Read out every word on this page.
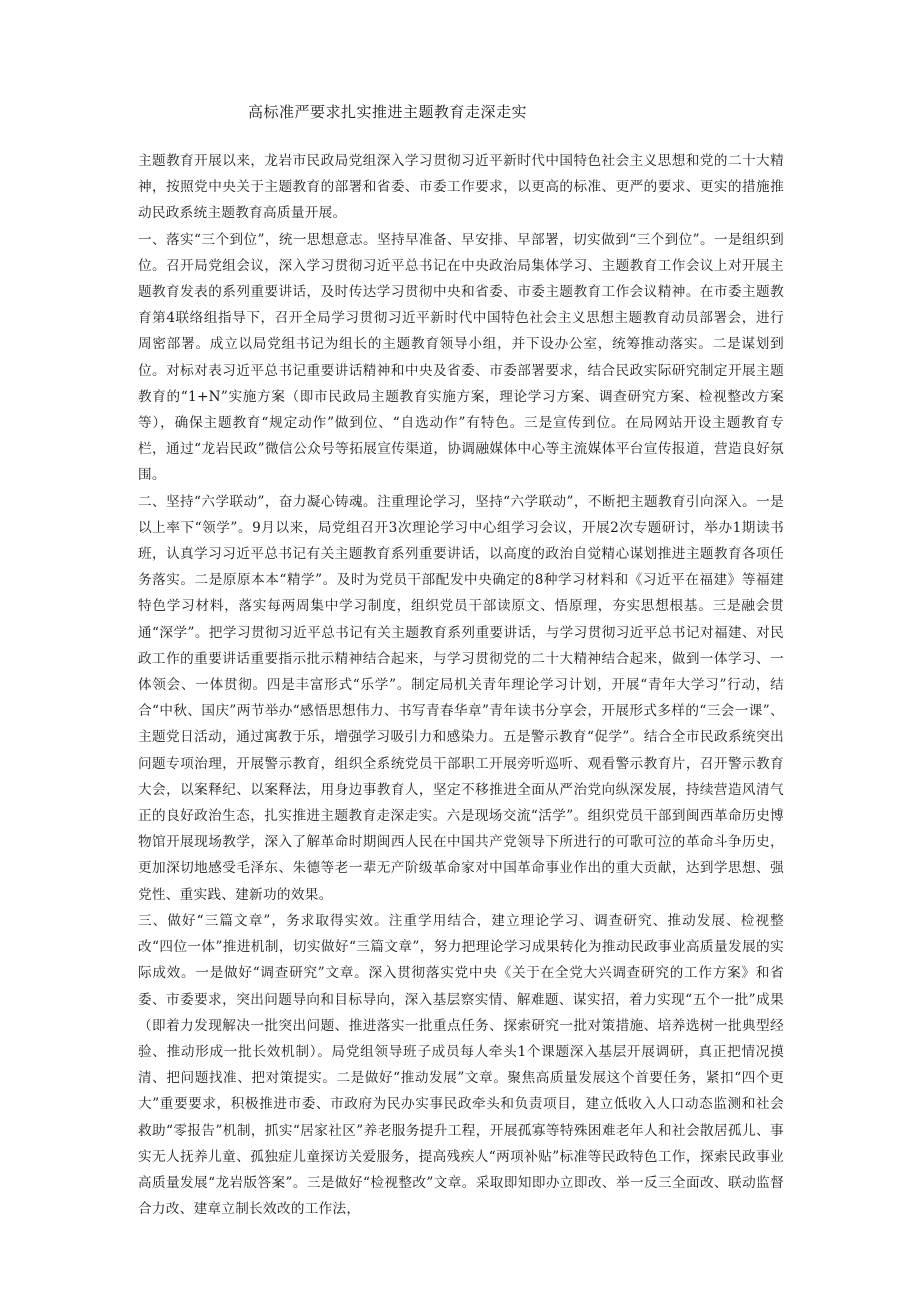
高标准严要求扎实推进主题教育走深走实

主题教育开展以来，龙岩市民政局党组深入学习贯彻习近平新时代中国特色社会主义思想和党的二十大精神，按照党中央关于主题教育的部署和省委、市委工作要求，以更高的标准、更严的要求、更实的措施推动民政系统主题教育高质量开展。

一、落实“三个到位”，统一思想意志。坚持早准备、早安排、早部署，切实做到“三个到位”。一是组织到位。召开局党组会议，深入学习贯彻习近平总书记在中央政治局集体学习、主题教育工作会议上对开展主题教育发表的系列重要讲话，及时传达学习贯彻中央和省委、市委主题教育工作会议精神。在市委主题教育第4联络组指导下，召开全局学习贯彻习近平新时代中国特色社会主义思想主题教育动员部署会，进行周密部署。成立以局党组书记为组长的主题教育领导小组，并下设办公室，统筹推动落实。二是谋划到位。对标对表习近平总书记重要讲话精神和中央及省委、市委部署要求，结合民政实际研究制定开展主题教育的“1+N”实施方案（即市民政局主题教育实施方案，理论学习方案、调查研究方案、检视整改方案等），确保主题教育“规定动作”做到位、“自选动作”有特色。三是宣传到位。在局网站开设主题教育专栏，通过“龙岩民政”微信公众号等拓展宣传渠道，协调融媒体中心等主流媒体平台宣传报道，营造良好氛围。

二、坚持“六学联动”，奋力凝心铸魂。注重理论学习，坚持“六学联动”，不断把主题教育引向深入。一是以上率下“领学”。9月以来，局党组召开3次理论学习中心组学习会议，开展2次专题研讨，举办1期读书班，认真学习习近平总书记有关主题教育系列重要讲话，以高度的政治自觉精心谋划推进主题教育各项任务落实。二是原原本本“精学”。及时为党员干部配发中央确定的8种学习材料和《习近平在福建》等福建特色学习材料，落实每两周集中学习制度，组织党员干部读原文、悟原理，夯实思想根基。三是融会贯通“深学”。把学习贯彻习近平总书记有关主题教育系列重要讲话，与学习贯彻习近平总书记对福建、对民政工作的重要讲话重要指示批示精神结合起来，与学习贯彻党的二十大精神结合起来，做到一体学习、一体领会、一体贯彻。四是丰富形式“乐学”。制定局机关青年理论学习计划，开展“青年大学习”行动，结合“中秋、国庆”两节举办“感悟思想伟力、书写青春华章”青年读书分享会，开展形式多样的“三会一课”、主题党日活动，通过寓教于乐，增强学习吸引力和感染力。五是警示教育“促学”。结合全市民政系统突出问题专项治理，开展警示教育，组织全系统党员干部职工开展旁听巡听、观看警示教育片，召开警示教育大会，以案释纪、以案释法，用身边事教育人，坚定不移推进全面从严治党向纵深发展，持续营造风清气正的良好政治生态，扎实推进主题教育走深走实。六是现场交流“活学”。组织党员干部到闽西革命历史博物馆开展现场教学，深入了解革命时期闽西人民在中国共产党领导下所进行的可歌可泣的革命斗争历史，更加深切地感受毛泽东、朱德等老一辈无产阶级革命家对中国革命事业作出的重大贡献，达到学思想、强党性、重实践、建新功的效果。

三、做好“三篇文章”，务求取得实效。注重学用结合，建立理论学习、调查研究、推动发展、检视整改“四位一体”推进机制，切实做好“三篇文章”，努力把理论学习成果转化为推动民政事业高质量发展的实际成效。一是做好“调查研究”文章。深入贯彻落实党中央《关于在全党大兴调查研究的工作方案》和省委、市委要求，突出问题导向和目标导向，深入基层察实情、解难题、谋实招，着力实现“五个一批”成果（即着力发现解决一批突出问题、推进落实一批重点任务、探索研究一批对策措施、培养选树一批典型经验、推动形成一批长效机制）。局党组领导班子成员每人牵头1个课题深入基层开展调研，真正把情况摸清、把问题找准、把对策提实。二是做好“推动发展”文章。聚焦高质量发展这个首要任务，紧扣“四个更大”重要要求，积极推进市委、市政府为民办实事民政牵头和负责项目，建立低收入人口动态监测和社会救助“零报告”机制，抓实“居家社区”养老服务提升工程，开展孤寡等特殊困难老年人和社会散居孤儿、事实无人抚养儿童、孤独症儿童探访关爱服务，提高残疾人“两项补贴”标准等民政特色工作，探索民政事业高质量发展“龙岩版答案”。三是做好“检视整改”文章。采取即知即办立即改、举一反三全面改、联动监督合力改、建章立制长效改的工作法，
